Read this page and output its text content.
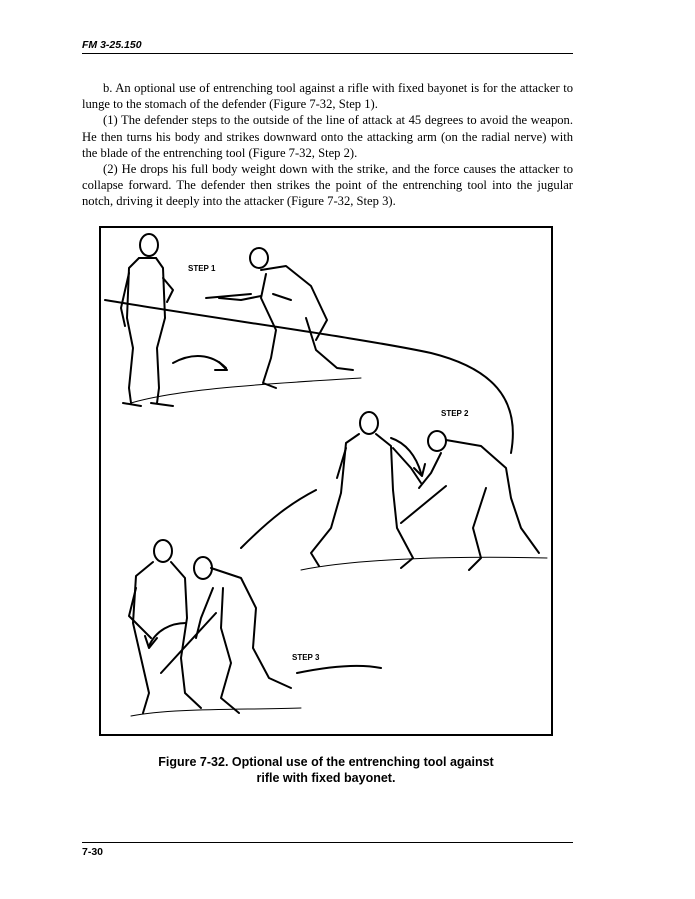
FM 3-25.150

b. An optional use of entrenching tool against a rifle with fixed bayonet is for the attacker to lunge to the stomach of the defender (Figure 7-32, Step 1).

(1) The defender steps to the outside of the line of attack at 45 degrees to avoid the weapon. He then turns his body and strikes downward onto the attacking arm (on the radial nerve) with the blade of the entrenching tool (Figure 7-32, Step 2).

(2) He drops his full body weight down with the strike, and the force causes the attacker to collapse forward. The defender then strikes the point of the entrenching tool into the jugular notch, driving it deeply into the attacker (Figure 7-32, Step 3).

STEP 1
STEP 2
STEP 3
Figure 7-32. Optional use of the entrenching tool against
rifle with fixed bayonet.
7-30
